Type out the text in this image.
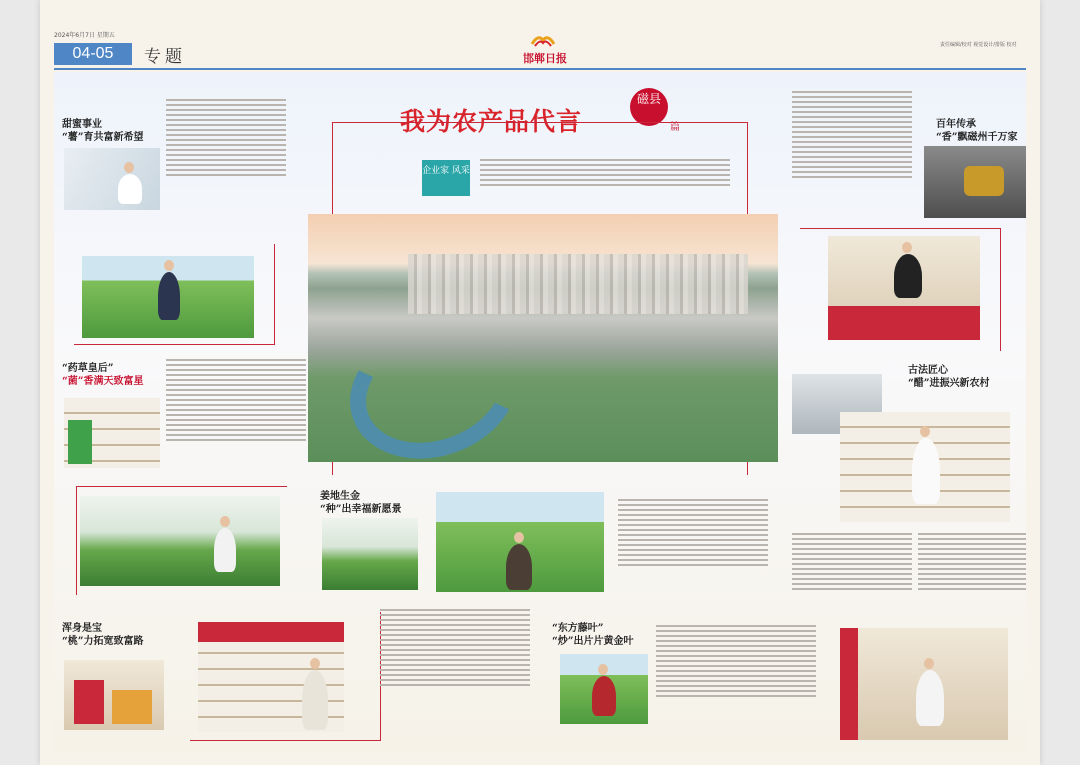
2024年6月7日 星期五
04-05	专题	邯郸日报
责任编辑/校对 视觉设计/排版 校对
我为农产品代言
磁县
篇
企业家 风采
甜蜜事业
“薯”育共富新希望
“药草皇后”
“菌”香满天致富星
姜地生金
“种”出幸福新愿景
浑身是宝
“桃”力拓宽致富路
“东方藤叶”
“炒”出片片黄金叶
百年传承
“香”飘磁州千万家
古法匠心
“醋”进振兴新农村
